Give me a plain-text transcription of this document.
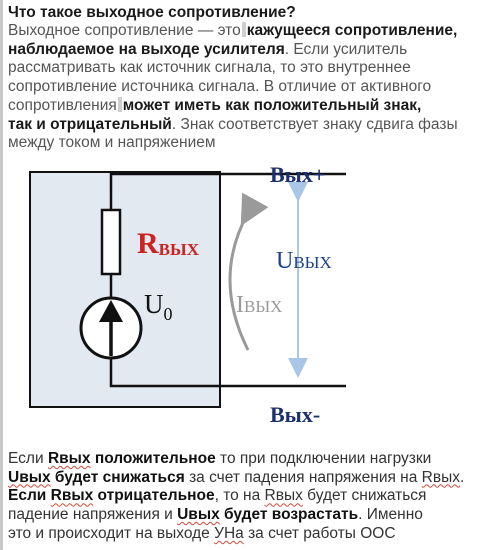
Что такое выходное сопротивление?
Выходное сопротивление — это кажущееся сопротивление,
наблюдаемое на выходе усилителя. Если усилитель
рассматривать как источник сигнала, то это внутреннее
сопротивление источника сигнала. В отличие от активного
сопротивления может иметь как положительный знак,
так и отрицательный. Знак соответствует знаку сдвига фазы
между током и напряжением
RВЫХ
$U_0$	IВЫХ
UВЫХ
Вых+
Вых-
Если Rвых положительное то при подключении нагрузки
Uвых будет снижаться за счет падения напряжения на Rвых.
Если Rвых отрицательное, то на Rвых будет снижаться
падение напряжения и Uвых будет возрастать. Именно
это и происходит на выходе УНа за счет работы ООС
